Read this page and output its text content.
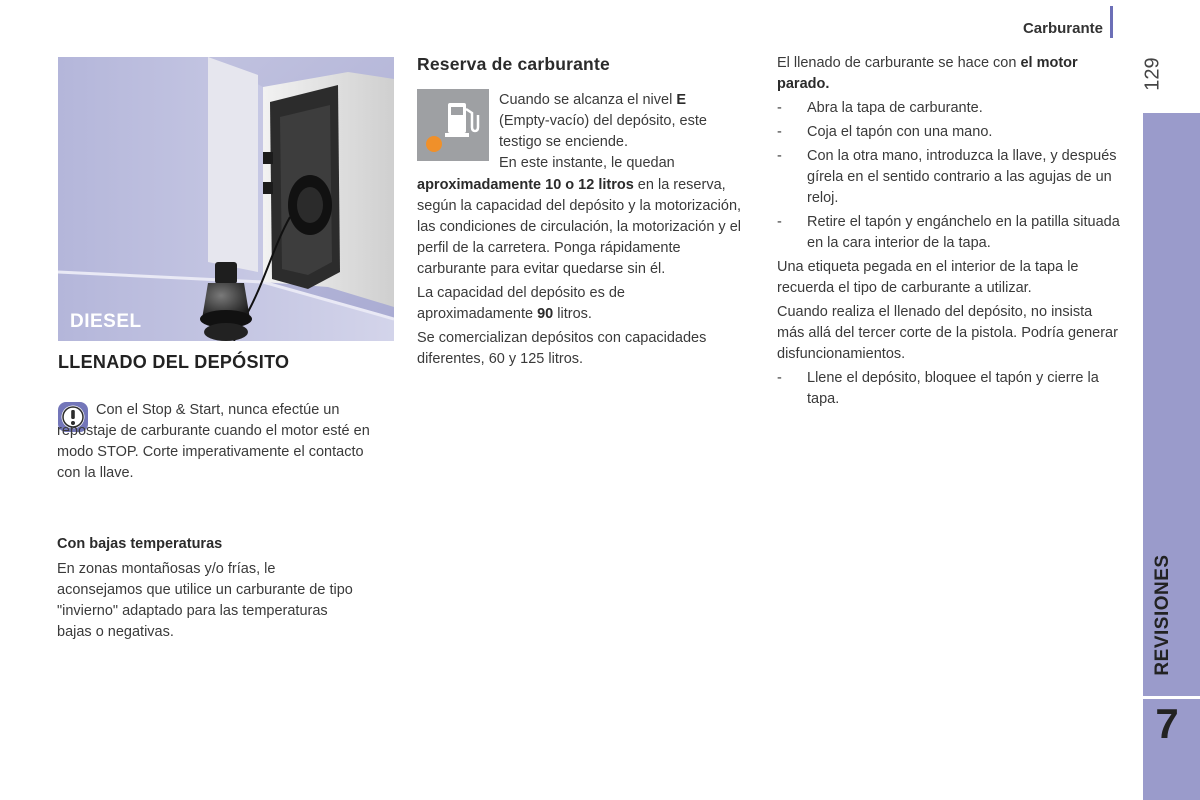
Carburante
129
REVISIONES
7
DIESEL
LLENADO DEL DEPÓSITO

Con el Stop & Start, nunca efectúe un repostaje de carburante cuando el motor esté en modo STOP. Corte imperativamente el contacto con la llave.

Con bajas temperaturas

En zonas montañosas y/o frías, le aconsejamos que utilice un carburante de tipo "invierno" adaptado para las temperaturas bajas o negativas.

Reserva de carburante
Cuando se alcanza el nivel E (Empty-vacío) del depósito, este testigo se enciende.
En este instante, le quedan

aproximadamente 10 o 12 litros en la reserva, según la capacidad del depósito y la motorización, las condiciones de circulación, la motorización y el perfil de la carretera. Ponga rápidamente carburante para evitar quedarse sin él.

La capacidad del depósito es de aproximadamente 90 litros.

Se comercializan depósitos con capacidades diferentes, 60 y 125 litros.

El llenado de carburante se hace con el motor parado.

- Abra la tapa de carburante.
- Coja el tapón con una mano.
- Con la otra mano, introduzca la llave, y después gírela en el sentido contrario a las agujas de un reloj.
- Retire el tapón y engánchelo en la patilla situada en la cara interior de la tapa.

Una etiqueta pegada en el interior de la tapa le recuerda el tipo de carburante a utilizar.

Cuando realiza el llenado del depósito, no insista más allá del tercer corte de la pistola. Podría generar disfuncionamientos.

- Llene el depósito, bloquee el tapón y cierre la tapa.
